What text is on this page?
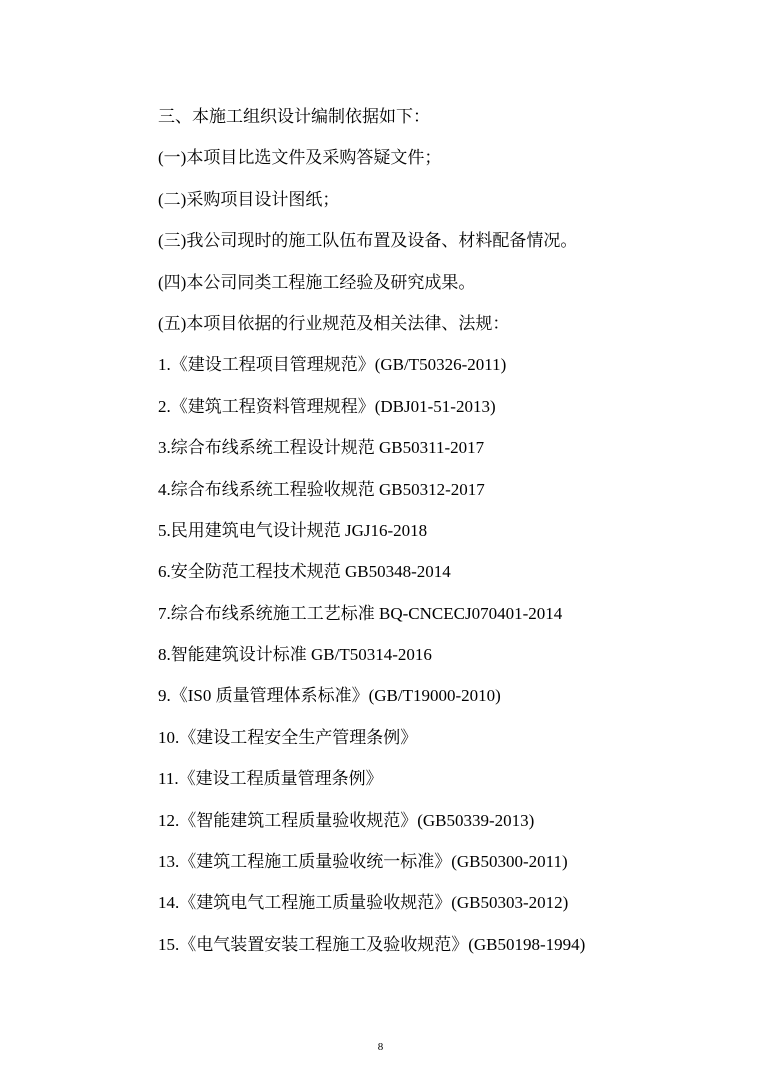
三、本施工组织设计编制依据如下：
(一)本项目比选文件及采购答疑文件；
(二)采购项目设计图纸；
(三)我公司现时的施工队伍布置及设备、材料配备情况。
(四)本公司同类工程施工经验及研究成果。
(五)本项目依据的行业规范及相关法律、法规：
1.《建设工程项目管理规范》(GB/T50326-2011)
2.《建筑工程资料管理规程》(DBJ01-51-2013)
3.综合布线系统工程设计规范 GB50311-2017
4.综合布线系统工程验收规范 GB50312-2017
5.民用建筑电气设计规范 JGJ16-2018
6.安全防范工程技术规范 GB50348-2014
7.综合布线系统施工工艺标准 BQ-CNCECJ070401-2014
8.智能建筑设计标准 GB/T50314-2016
9.《IS0 质量管理体系标准》(GB/T19000-2010)
10.《建设工程安全生产管理条例》
11.《建设工程质量管理条例》
12.《智能建筑工程质量验收规范》(GB50339-2013)
13.《建筑工程施工质量验收统一标准》(GB50300-2011)
14.《建筑电气工程施工质量验收规范》(GB50303-2012)
15.《电气装置安装工程施工及验收规范》(GB50198-1994)
8
